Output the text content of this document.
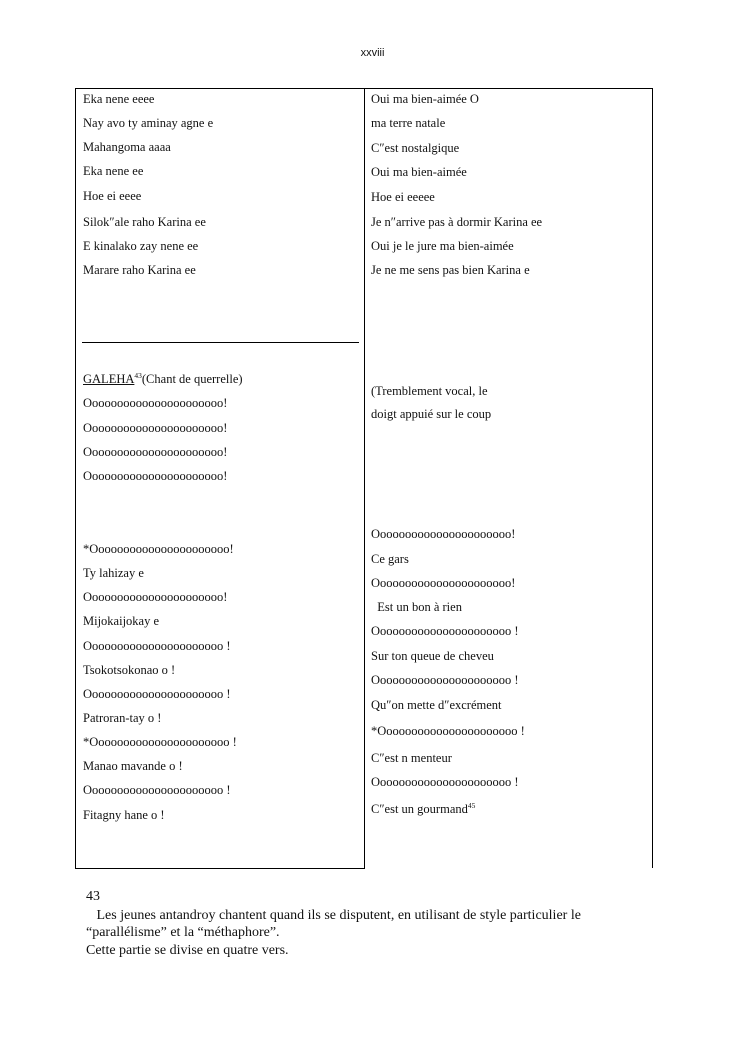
xxviii
Eka nene eeee
Nay avo ty aminay agne e
Mahangoma aaaa
Eka nene ee
Hoe ei eeee
Silok″ale raho Karina ee
E kinalako zay nene ee
Marare raho Karina ee
Oui ma bien-aimée O
ma terre natale
C″est nostalgique
Oui ma bien-aimée
Hoe ei eeeee
Je n″arrive pas à dormir Karina ee
Oui je le jure ma bien-aimée
Je ne me sens pas bien Karina e
GALEHA$^{43}$(Chant de querrelle)
Oooooooooooooooooooooo!
Oooooooooooooooooooooo!
Oooooooooooooooooooooo!
Oooooooooooooooooooooo!
(Tremblement vocal, le
doigt appuié sur le coup
*Oooooooooooooooooooooo!
Ty lahizay e
Oooooooooooooooooooooo!
Mijokaijokay e
Oooooooooooooooooooooo !
Tsokotsokonao o !
Oooooooooooooooooooooo !
Patroran-tay o !
*Oooooooooooooooooooooo !
Manao mavande o !
Oooooooooooooooooooooo !
Fitagny hane o !
Oooooooooooooooooooooo!
Ce gars
Oooooooooooooooooooooo!
Est un bon à rien
Oooooooooooooooooooooo !
Sur ton queue de cheveu
Oooooooooooooooooooooo !
Qu″on mette d″excrément
*Oooooooooooooooooooooo !
C″est n menteur
Oooooooooooooooooooooo !
C″est un gourmand$^{45}$
43
Les jeunes antandroy chantent quand ils se disputent, en utilisant de style particulier le
“parallélisme” et la “méthaphore”.
Cette partie se divise en quatre vers.
